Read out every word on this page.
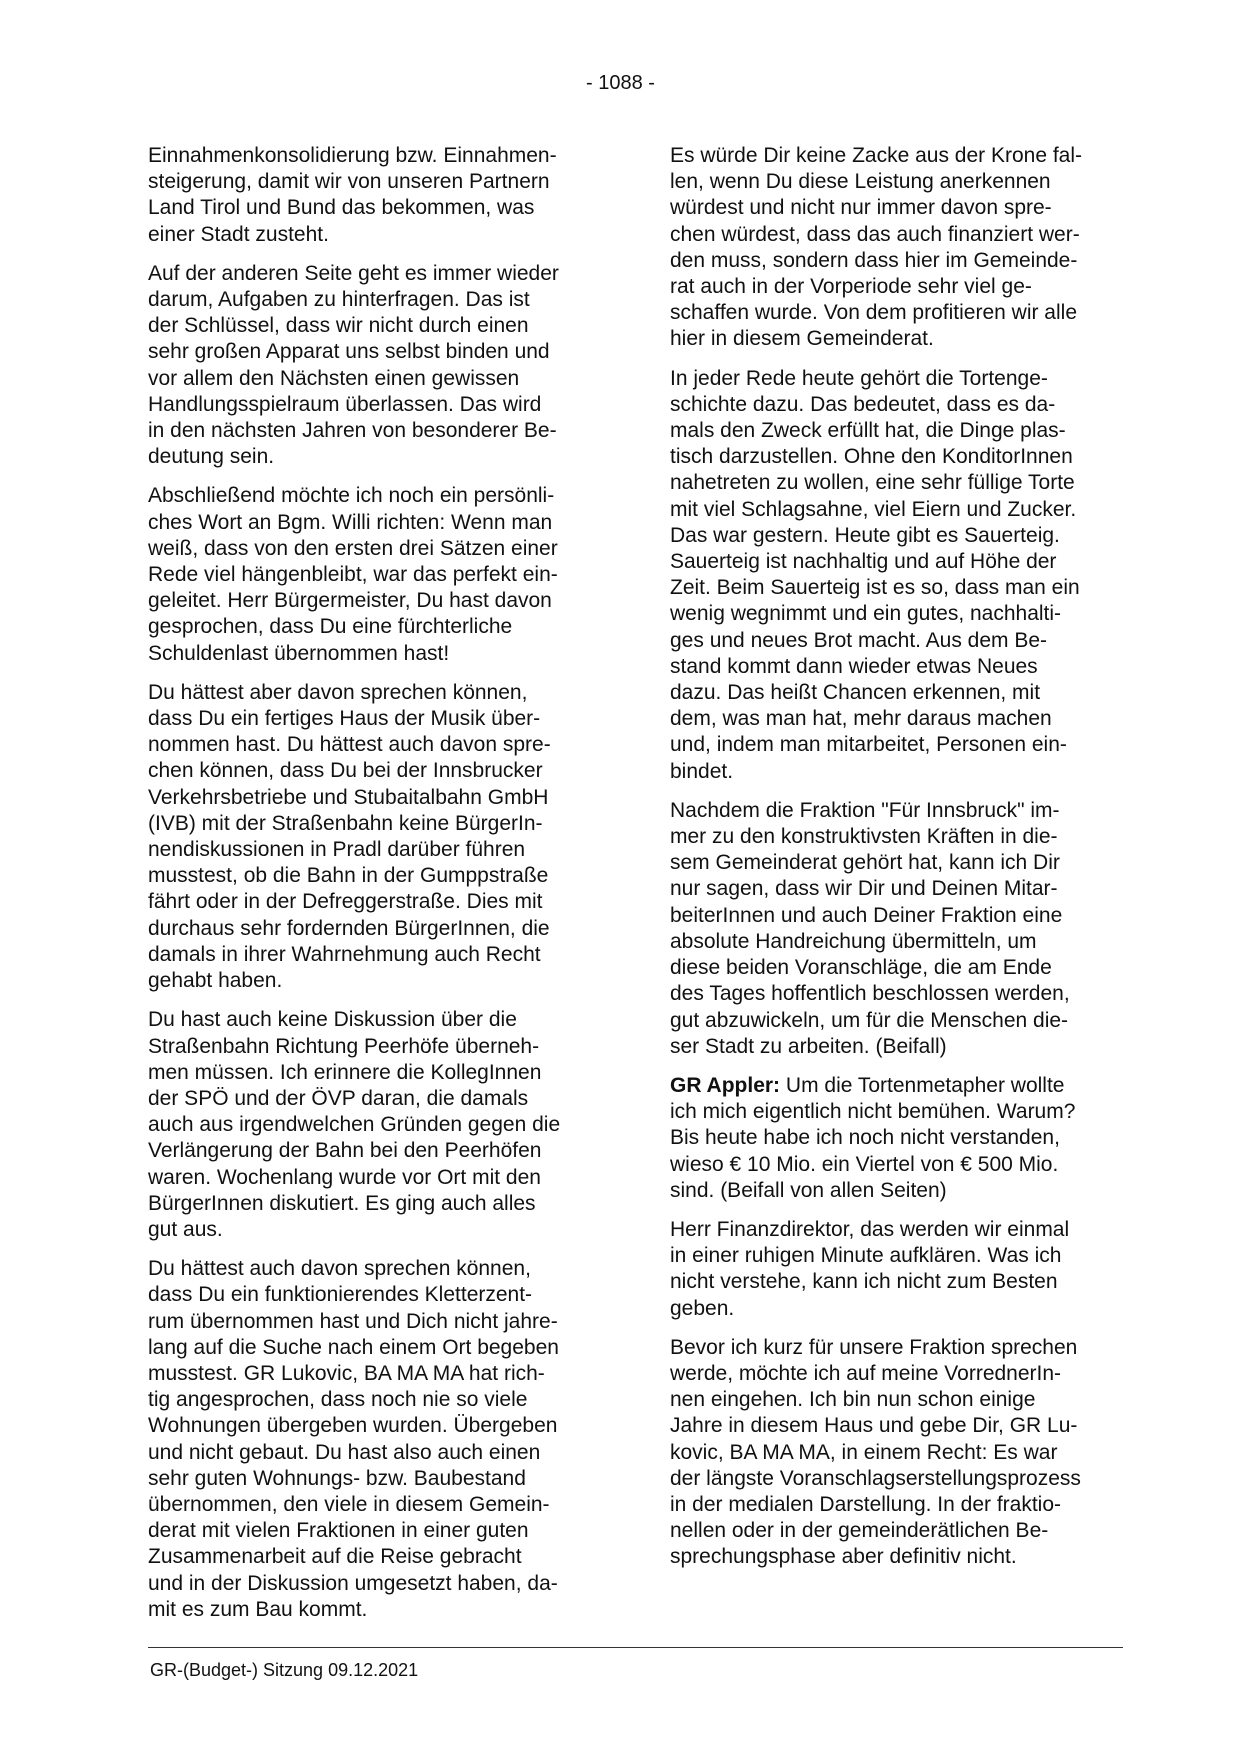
- 1088 -

Einnahmenkonsolidierung bzw. Einnahmen-
steigerung, damit wir von unseren Partnern
Land Tirol und Bund das bekommen, was
einer Stadt zusteht.

Auf der anderen Seite geht es immer wieder
darum, Aufgaben zu hinterfragen. Das ist
der Schlüssel, dass wir nicht durch einen
sehr großen Apparat uns selbst binden und
vor allem den Nächsten einen gewissen
Handlungsspielraum überlassen. Das wird
in den nächsten Jahren von besonderer Be-
deutung sein.

Abschließend möchte ich noch ein persönli-
ches Wort an Bgm. Willi richten: Wenn man
weiß, dass von den ersten drei Sätzen einer
Rede viel hängenbleibt, war das perfekt ein-
geleitet. Herr Bürgermeister, Du hast davon
gesprochen, dass Du eine fürchterliche
Schuldenlast übernommen hast!

Du hättest aber davon sprechen können,
dass Du ein fertiges Haus der Musik über-
nommen hast. Du hättest auch davon spre-
chen können, dass Du bei der Innsbrucker
Verkehrsbetriebe und Stubaitalbahn GmbH
(IVB) mit der Straßenbahn keine BürgerIn-
nendiskussionen in Pradl darüber führen
musstest, ob die Bahn in der Gumppstraße
fährt oder in der Defreggerstraße. Dies mit
durchaus sehr fordernden BürgerInnen, die
damals in ihrer Wahrnehmung auch Recht
gehabt haben.

Du hast auch keine Diskussion über die
Straßenbahn Richtung Peerhöfe überneh-
men müssen. Ich erinnere die KollegInnen
der SPÖ und der ÖVP daran, die damals
auch aus irgendwelchen Gründen gegen die
Verlängerung der Bahn bei den Peerhöfen
waren. Wochenlang wurde vor Ort mit den
BürgerInnen diskutiert. Es ging auch alles
gut aus.

Du hättest auch davon sprechen können,
dass Du ein funktionierendes Kletterzent-
rum übernommen hast und Dich nicht jahre-
lang auf die Suche nach einem Ort begeben
musstest. GR Lukovic, BA MA MA hat rich-
tig angesprochen, dass noch nie so viele
Wohnungen übergeben wurden. Übergeben
und nicht gebaut. Du hast also auch einen
sehr guten Wohnungs- bzw. Baubestand
übernommen, den viele in diesem Gemein-
derat mit vielen Fraktionen in einer guten
Zusammenarbeit auf die Reise gebracht
und in der Diskussion umgesetzt haben, da-
mit es zum Bau kommt.

Es würde Dir keine Zacke aus der Krone fal-
len, wenn Du diese Leistung anerkennen
würdest und nicht nur immer davon spre-
chen würdest, dass das auch finanziert wer-
den muss, sondern dass hier im Gemeinde-
rat auch in der Vorperiode sehr viel ge-
schaffen wurde. Von dem profitieren wir alle
hier in diesem Gemeinderat.

In jeder Rede heute gehört die Tortenge-
schichte dazu. Das bedeutet, dass es da-
mals den Zweck erfüllt hat, die Dinge plas-
tisch darzustellen. Ohne den KonditorInnen
nahetreten zu wollen, eine sehr füllige Torte
mit viel Schlagsahne, viel Eiern und Zucker.
Das war gestern. Heute gibt es Sauerteig.
Sauerteig ist nachhaltig und auf Höhe der
Zeit. Beim Sauerteig ist es so, dass man ein
wenig wegnimmt und ein gutes, nachhalti-
ges und neues Brot macht. Aus dem Be-
stand kommt dann wieder etwas Neues
dazu. Das heißt Chancen erkennen, mit
dem, was man hat, mehr daraus machen
und, indem man mitarbeitet, Personen ein-
bindet.

Nachdem die Fraktion "Für Innsbruck" im-
mer zu den konstruktivsten Kräften in die-
sem Gemeinderat gehört hat, kann ich Dir
nur sagen, dass wir Dir und Deinen Mitar-
beiterInnen und auch Deiner Fraktion eine
absolute Handreichung übermitteln, um
diese beiden Voranschläge, die am Ende
des Tages hoffentlich beschlossen werden,
gut abzuwickeln, um für die Menschen die-
ser Stadt zu arbeiten. (Beifall)

GR Appler: Um die Tortenmetapher wollte
ich mich eigentlich nicht bemühen. Warum?
Bis heute habe ich noch nicht verstanden,
wieso € 10 Mio. ein Viertel von € 500 Mio.
sind. (Beifall von allen Seiten)

Herr Finanzdirektor, das werden wir einmal
in einer ruhigen Minute aufklären. Was ich
nicht verstehe, kann ich nicht zum Besten
geben.

Bevor ich kurz für unsere Fraktion sprechen
werde, möchte ich auf meine VorrednerIn-
nen eingehen. Ich bin nun schon einige
Jahre in diesem Haus und gebe Dir, GR Lu-
kovic, BA MA MA, in einem Recht: Es war
der längste Voranschlagserstellungsprozess
in der medialen Darstellung. In der fraktio-
nellen oder in der gemeinderätlichen Be-
sprechungsphase aber definitiv nicht.

GR-(Budget-) Sitzung 09.12.2021
